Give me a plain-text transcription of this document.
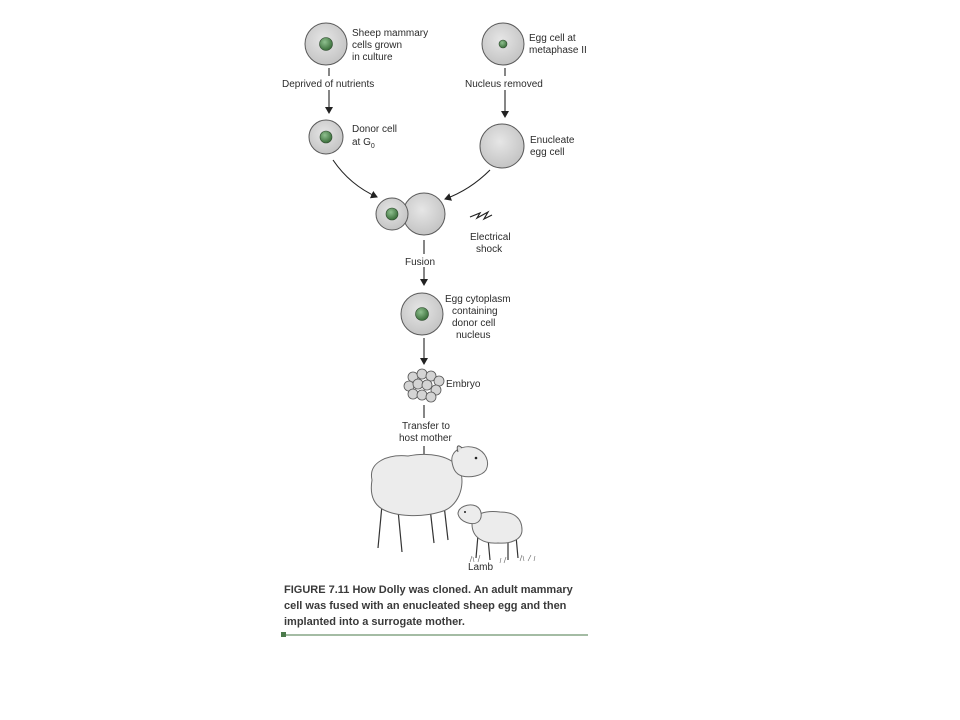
Sheep mammary cells grown in culture
Egg cell at metaphase II
Deprived of nutrients	Nucleus removed
Donor cell at $G_0$
Enucleate egg cell
Electrical shock
Fusion
Egg cytoplasm containing donor cell nucleus
Embryo
Transfer to host mother
Lamb
FIGURE 7.11 How Dolly was cloned. An adult mammary cell was fused with an enucleated sheep egg and then implanted into a surrogate mother.
